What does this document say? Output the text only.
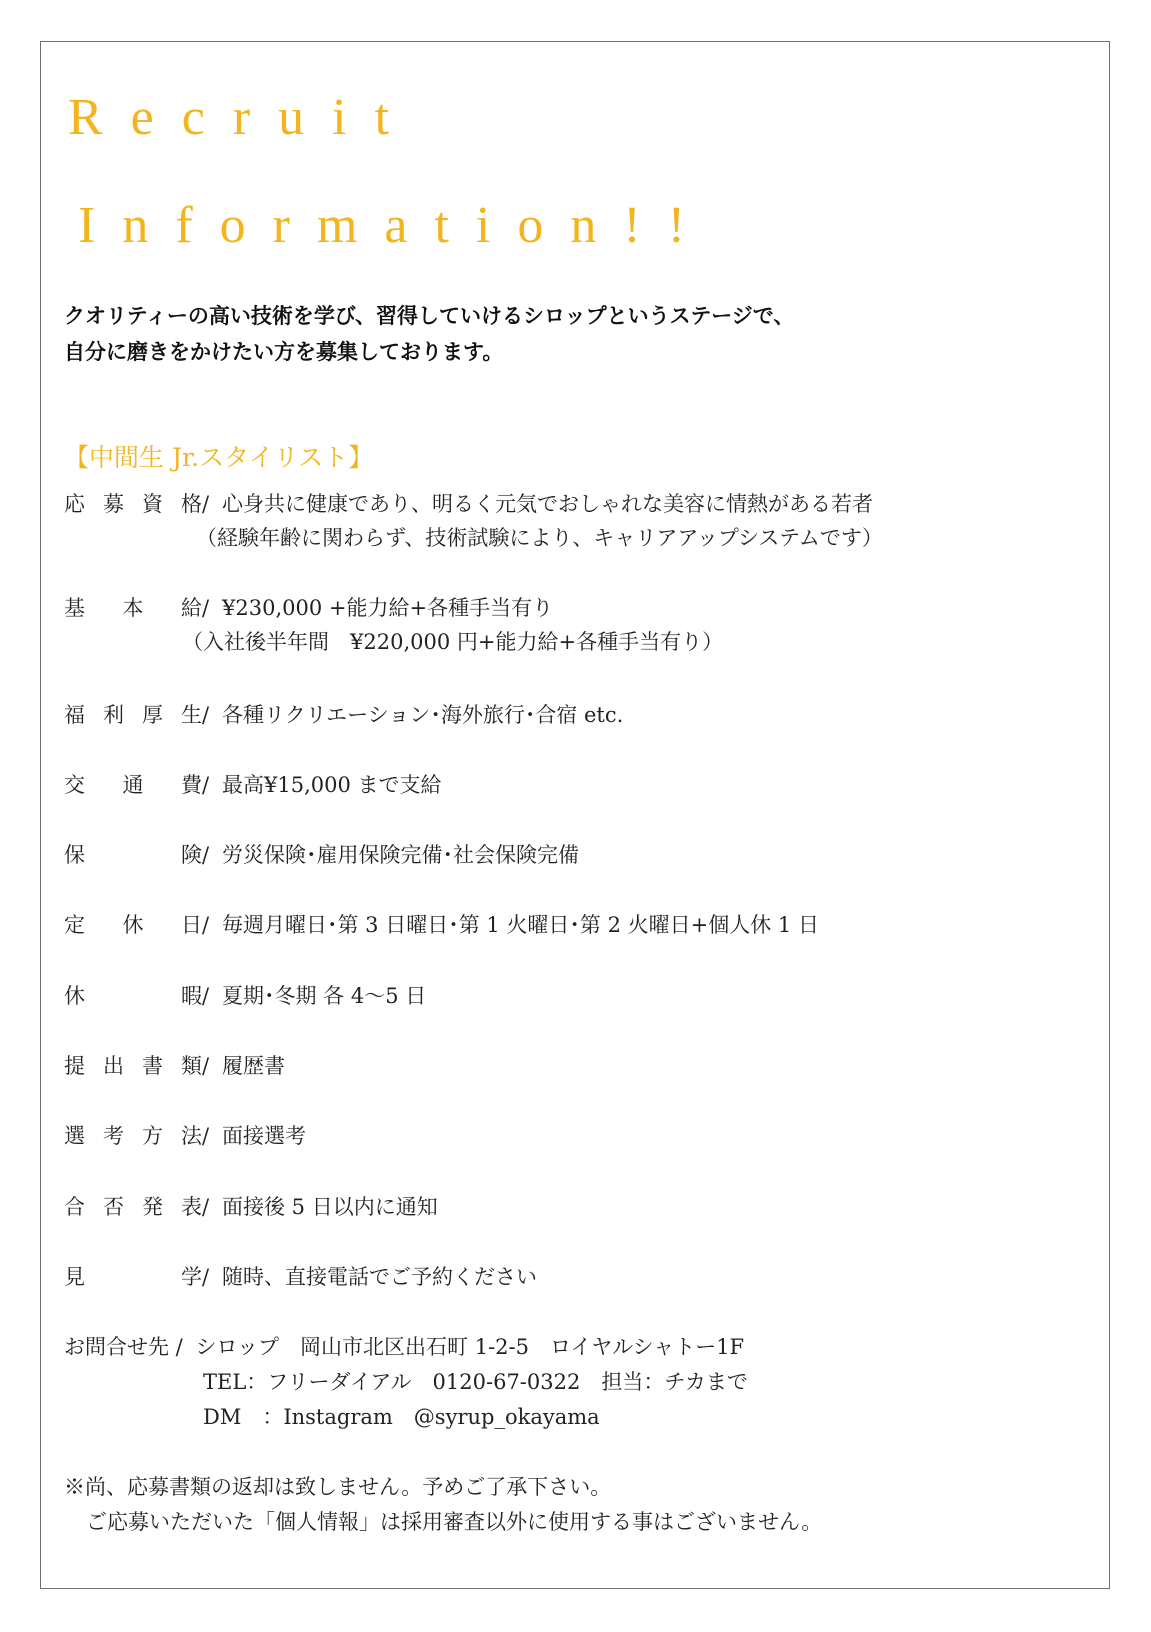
Recruit
Information!!
クオリティーの高い技術を学び、習得していけるシロップというステージで、
自分に磨きをかけたい方を募集しております。
【中間生 Jr.スタイリスト】
応募資格/ 心身共に健康であり、明るく元気でおしゃれな美容に情熱がある若者
（経験年齢に関わらず、技術試験により、キャリアアップシステムです）
基本給/ ¥230,000 +能力給+各種手当有り
（入社後半年間　¥220,000 円+能力給+各種手当有り）
福利厚生/ 各種リクリエーション･海外旅行･合宿 etc.
交通費/ 最高¥15,000 まで支給
保険/ 労災保険･雇用保険完備･社会保険完備
定休日/ 毎週月曜日･第 3 日曜日･第 1 火曜日･第 2 火曜日+個人休 1 日
休暇/ 夏期･冬期 各 4～5 日
提出書類/ 履歴書
選考方法/ 面接選考
合否発表/ 面接後 5 日以内に通知
見学/ 随時、直接電話でご予約ください
お問合せ先 / シロップ　岡山市北区出石町 1-2-5　ロイヤルシャトー1F
TEL：フリーダイアル　0120-67-0322　担当：チカまで
DM　：Instagram　@syrup_okayama
※尚、応募書類の返却は致しません。予めご了承下さい。
ご応募いただいた「個人情報」は採用審査以外に使用する事はございません。
